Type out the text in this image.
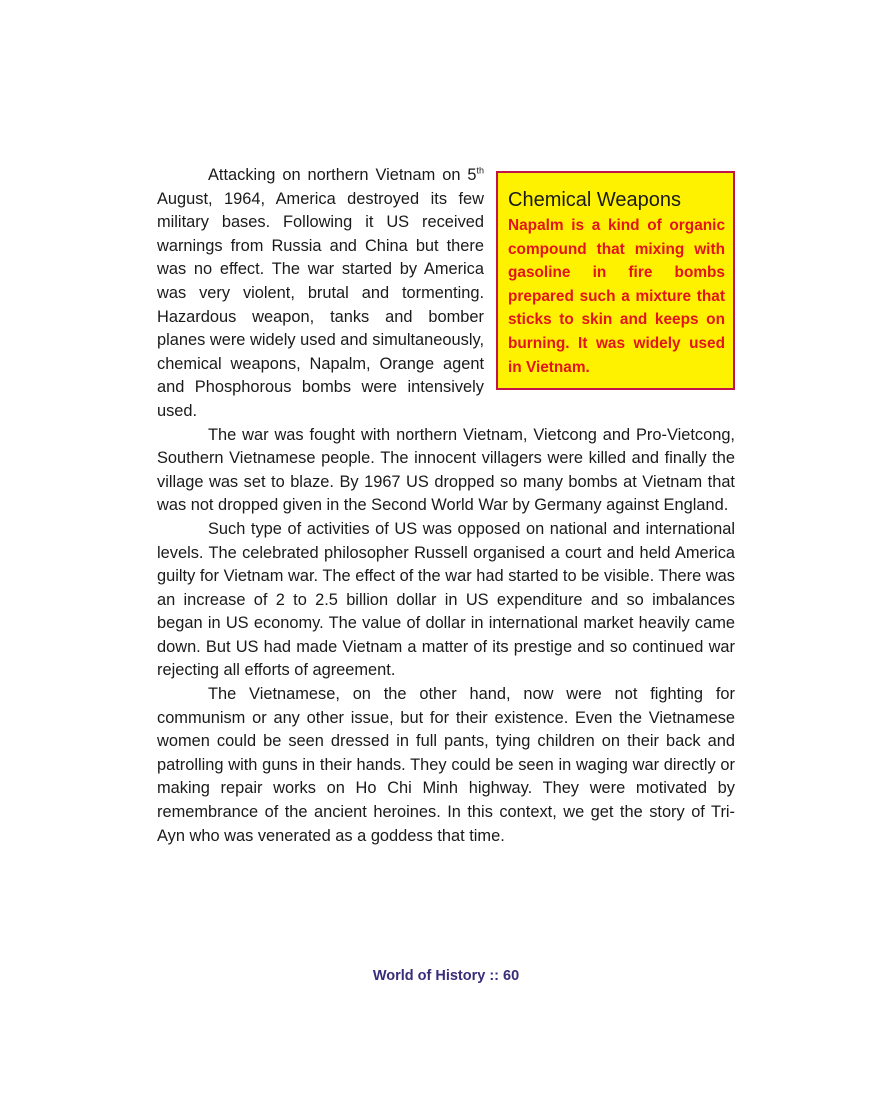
Chemical Weapons

Napalm is a kind of organic compound that mixing with gasoline in fire bombs prepared such a mixture that sticks to skin and keeps on burning. It was widely used in Vietnam.

Attacking on northern Vietnam on 5th August, 1964, America destroyed its few military bases. Following it US received warnings from Russia and China but there was no effect. The war started by America was very violent, brutal and tormenting. Hazardous weapon, tanks and bomber planes were widely used and simultaneously, chemical weapons, Napalm, Orange agent and Phosphorous bombs were intensively used.

The war was fought with northern Vietnam, Vietcong and Pro-Vietcong, Southern Vietnamese people. The innocent villagers were killed and finally the village was set to blaze. By 1967 US dropped so many bombs at Vietnam that was not dropped given in the Second World War by Germany against England.

Such type of activities of US was opposed on national and international levels. The celebrated philosopher Russell organised a court and held America guilty for Vietnam war. The effect of the war had started to be visible. There was an increase of 2 to 2.5 billion dollar in US expenditure and so imbalances began in US economy. The value of dollar in international market heavily came down. But US had made Vietnam a matter of its prestige and so continued war rejecting all efforts of agreement.

The Vietnamese, on the other hand, now were not fighting for communism or any other issue, but for their existence. Even the Vietnamese women could be seen dressed in full pants, tying children on their back and patrolling with guns in their hands. They could be seen in waging war directly or making repair works on Ho Chi Minh highway. They were motivated by remembrance of the ancient heroines. In this context, we get the story of Tri-Ayn who was venerated as a goddess that time.

World of History :: 60
